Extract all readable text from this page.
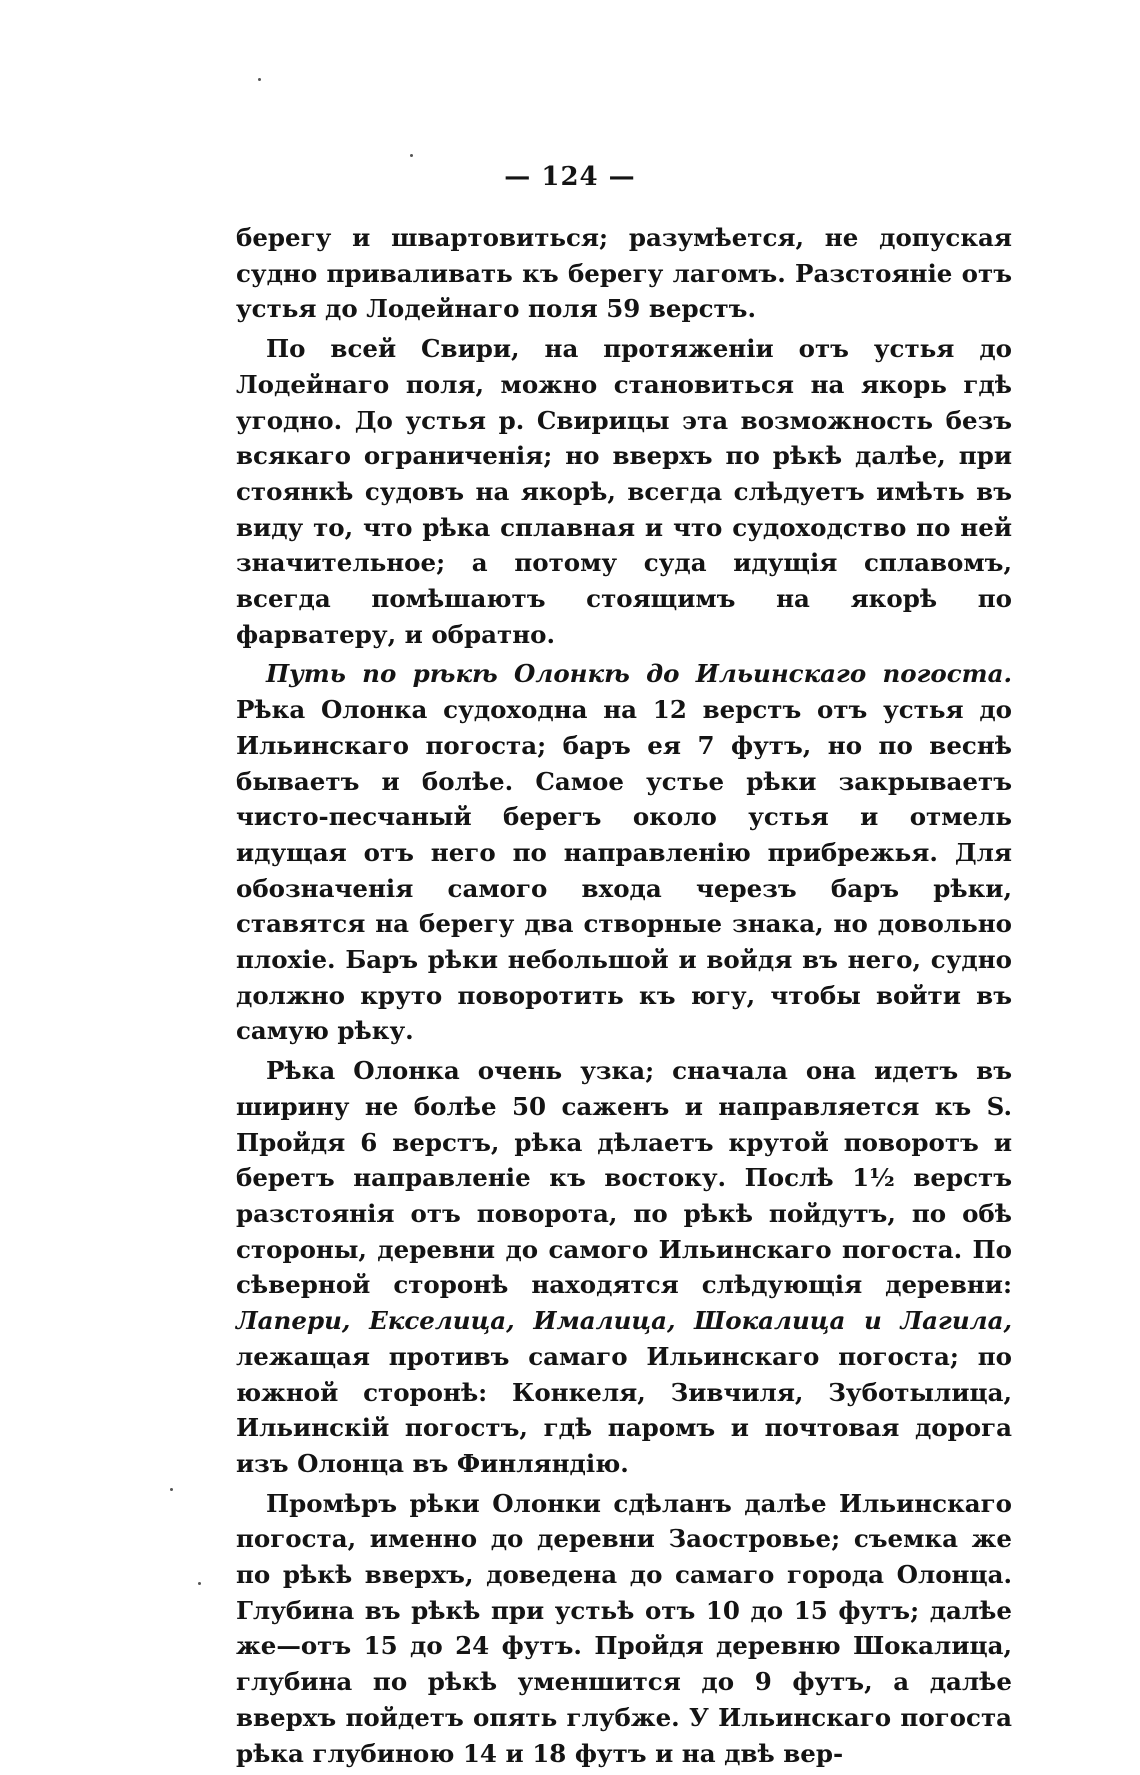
— 124 —

берегу и швартовиться; разумѣется, не допуская судно приваливать къ берегу лагомъ. Разстояніе отъ устья до Лодейнаго поля 59 верстъ.

По всей Свири, на протяженіи отъ устья до Лодейнаго поля, можно становиться на якорь гдѣ угодно. До устья р. Свирицы эта возможность безъ всякаго ограниченія; но вверхъ по рѣкѣ далѣе, при стоянкѣ судовъ на якорѣ, всегда слѣдуетъ имѣть въ виду то, что рѣка сплавная и что судоходство по ней значительное; а потому суда идущія сплавомъ, всегда помѣшаютъ стоящимъ на якорѣ по фарватеру, и обратно.

Путь по рѣкѣ Олонкѣ до Ильинскаго погоста. Рѣка Олонка судоходна на 12 верстъ отъ устья до Ильинскаго погоста; баръ ея 7 футъ, но по веснѣ бываетъ и болѣе. Самое устье рѣки закрываетъ чисто-песчаный берегъ около устья и отмель идущая отъ него по направленію прибрежья. Для обозначенія самого входа черезъ баръ рѣки, ставятся на берегу два створные знака, но довольно плохіе. Баръ рѣки небольшой и войдя въ него, судно должно круто поворотить къ югу, чтобы войти въ самую рѣку.

Рѣка Олонка очень узка; сначала она идетъ въ ширину не болѣе 50 саженъ и направляется къ S. Пройдя 6 верстъ, рѣка дѣлаетъ крутой поворотъ и беретъ направленіе къ востоку. Послѣ 1½ верстъ разстоянія отъ поворота, по рѣкѣ пойдутъ, по обѣ стороны, деревни до самого Ильинскаго погоста. По сѣверной сторонѣ находятся слѣдующія деревни: Лапери, Екселица, Ималица, Шокалица и Лагила, лежащая противъ самаго Ильинскаго погоста; по южной сторонѣ: Конкеля, Зивчиля, Зуботылица, Ильинскій погостъ, гдѣ паромъ и почтовая дорога изъ Олонца въ Финляндію.

Промѣръ рѣки Олонки сдѣланъ далѣе Ильинскаго погоста, именно до деревни Заостровье; съемка же по рѣкѣ вверхъ, доведена до самаго города Олонца. Глубина въ рѣкѣ при устьѣ отъ 10 до 15 футъ; далѣе же—отъ 15 до 24 футъ. Пройдя деревню Шокалица, глубина по рѣкѣ уменшится до 9 футъ, а далѣе вверхъ пойдетъ опять глубже. У Ильинскаго погоста рѣка глубиною 14 и 18 футъ и на двѣ вер-
